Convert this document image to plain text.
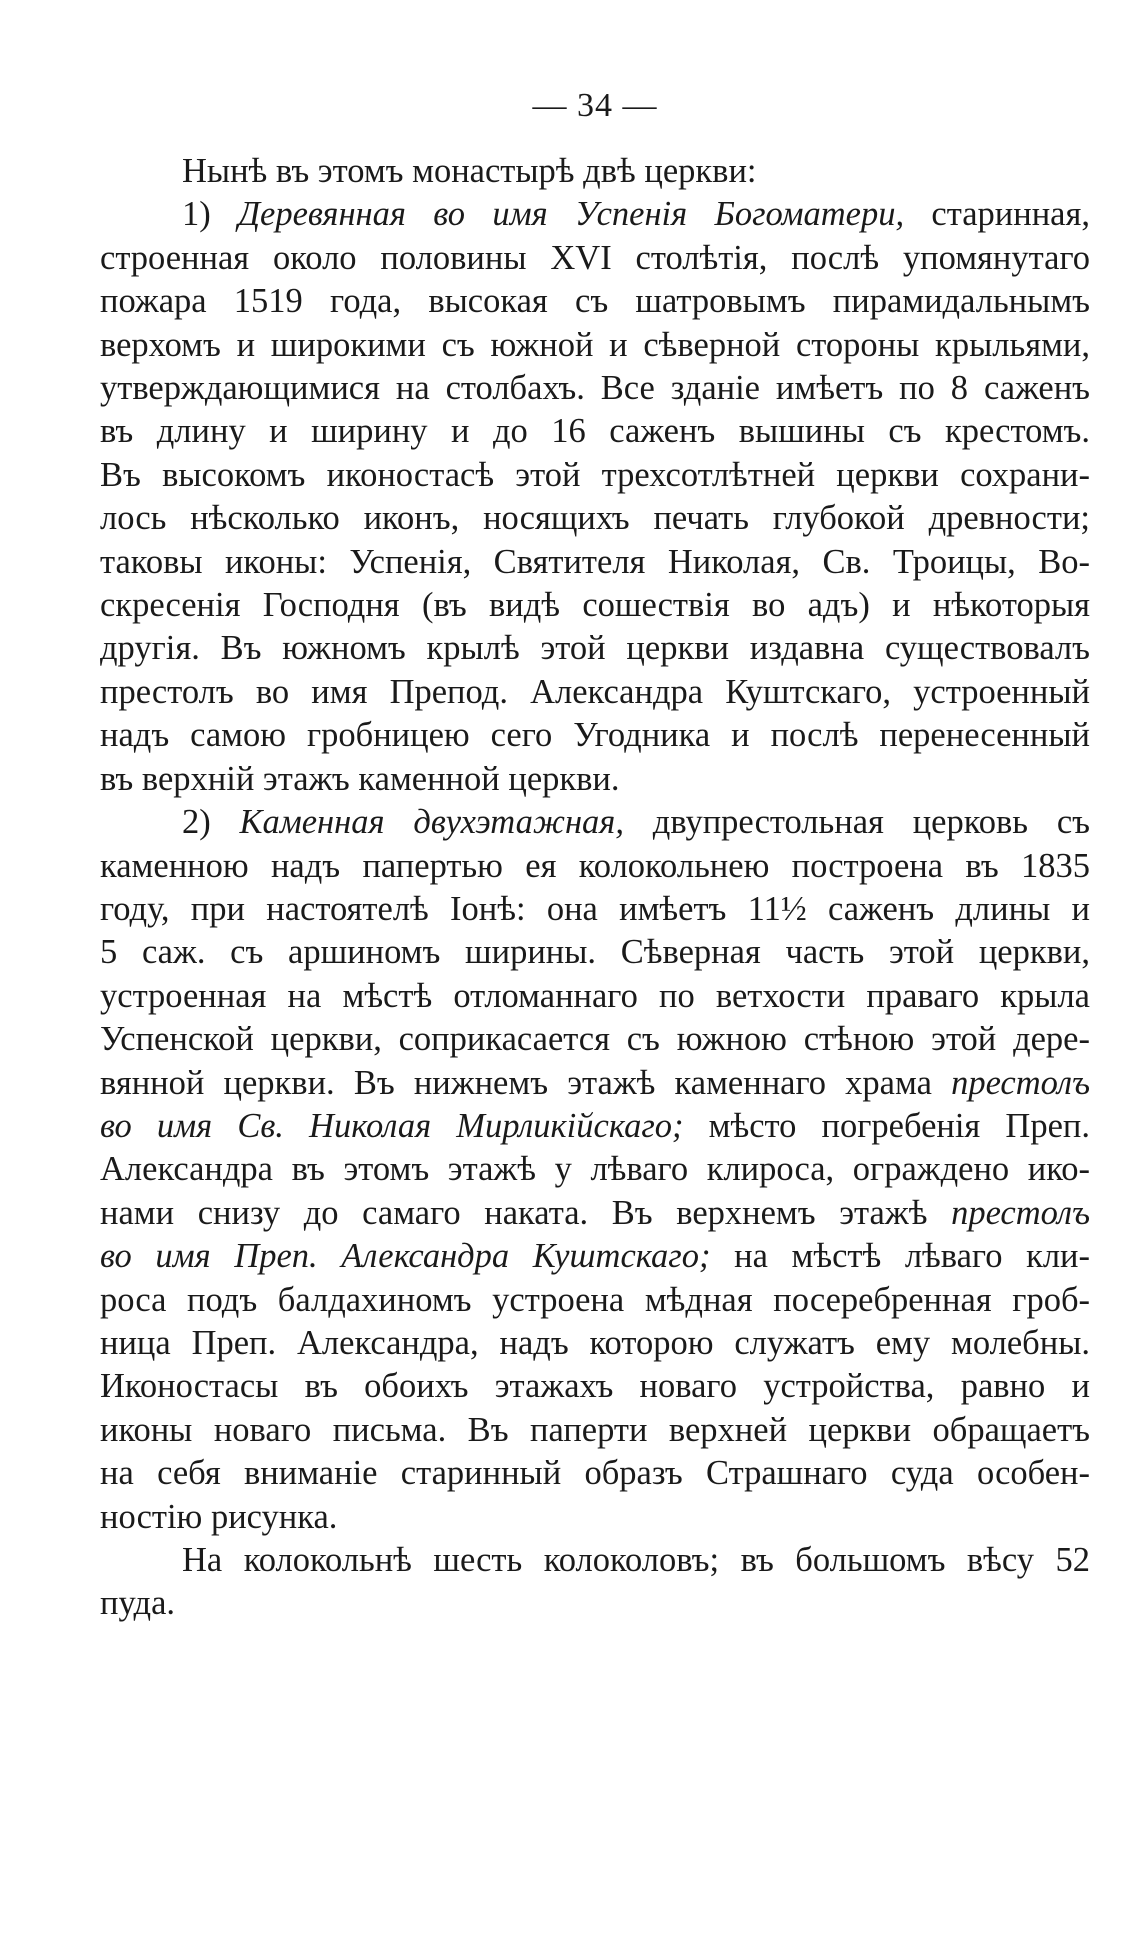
— 34 —
Нынѣ въ этомъ монастырѣ двѣ церкви:
1) Деревянная во имя Успенія Богоматери, старинная,
строенная около половины XVI столѣтія, послѣ упомянутаго
пожара 1519 года, высокая съ шатровымъ пирамидальнымъ
верхомъ и широкими съ южной и сѣверной стороны крыльями,
утверждающимися на столбахъ. Все зданіе имѣетъ по 8 саженъ
въ длину и ширину и до 16 саженъ вышины съ крестомъ.
Въ высокомъ иконостасѣ этой трехсотлѣтней церкви сохрани-
лось нѣсколько иконъ, носящихъ печать глубокой древности;
таковы иконы: Успенія, Святителя Николая, Св. Троицы, Во-
скресенія Господня (въ видѣ сошествія во адъ) и нѣкоторыя
другія. Въ южномъ крылѣ этой церкви издавна существовалъ
престолъ во имя Препод. Александра Куштскаго, устроенный
надъ самою гробницею сего Угодника и послѣ перенесенный
въ верхній этажъ каменной церкви.
2) Каменная двухэтажная, двупрестольная церковь съ
каменною надъ папертью ея колокольнею построена въ 1835
году, при настоятелѣ Іонѣ: она имѣетъ 11½ саженъ длины и
5 саж. съ аршиномъ ширины. Сѣверная часть этой церкви,
устроенная на мѣстѣ отломаннаго по ветхости праваго крыла
Успенской церкви, соприкасается съ южною стѣною этой дере-
вянной церкви. Въ нижнемъ этажѣ каменнаго храма престолъ
во имя Св. Николая Мирликійскаго; мѣсто погребенія Преп.
Александра въ этомъ этажѣ у лѣваго клироса, ограждено ико-
нами снизу до самаго наката. Въ верхнемъ этажѣ престолъ
во имя Преп. Александра Куштскаго; на мѣстѣ лѣваго кли-
роса подъ балдахиномъ устроена мѣдная посеребренная гроб-
ница Преп. Александра, надъ которою служатъ ему молебны.
Иконостасы въ обоихъ этажахъ новаго устройства, равно и
иконы новаго письма. Въ паперти верхней церкви обращаетъ
на себя вниманіе старинный образъ Страшнаго суда особен-
ностію рисунка.
На колокольнѣ шесть колоколовъ; въ большомъ вѣсу 52
пуда.
